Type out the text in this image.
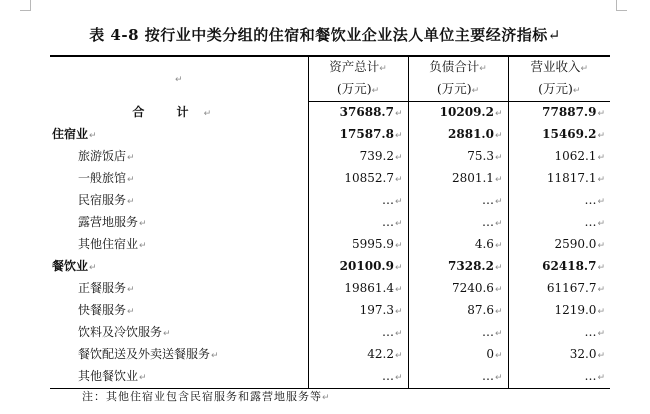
表 4-8 按行业中类分组的住宿和餐饮业企业法人单位主要经济指标↵
↵	资产总计↵	负债合计↵	营业收入↵
	(万元)↵	(万元)↵	(万元)↵
合 计↵	37688.7↵	10209.2↵	77887.9↵
住宿业↵	17587.8↵	2881.0↵	15469.2↵
旅游饭店↵	739.2↵	75.3↵	1062.1↵
一般旅馆↵	10852.7↵	2801.1↵	11817.1↵
民宿服务↵	…↵	…↵	…↵
露营地服务↵	…↵	…↵	…↵
其他住宿业↵	5995.9↵	4.6↵	2590.0↵
餐饮业↵	20100.9↵	7328.2↵	62418.7↵
正餐服务↵	19861.4↵	7240.6↵	61167.7↵
快餐服务↵	197.3↵	87.6↵	1219.0↵
饮料及冷饮服务↵	…↵	…↵	…↵
餐饮配送及外卖送餐服务↵	42.2↵	0↵	32.0↵
其他餐饮业↵	…↵	…↵	…↵
注：其他住宿业包含民宿服务和露营地服务等↵
